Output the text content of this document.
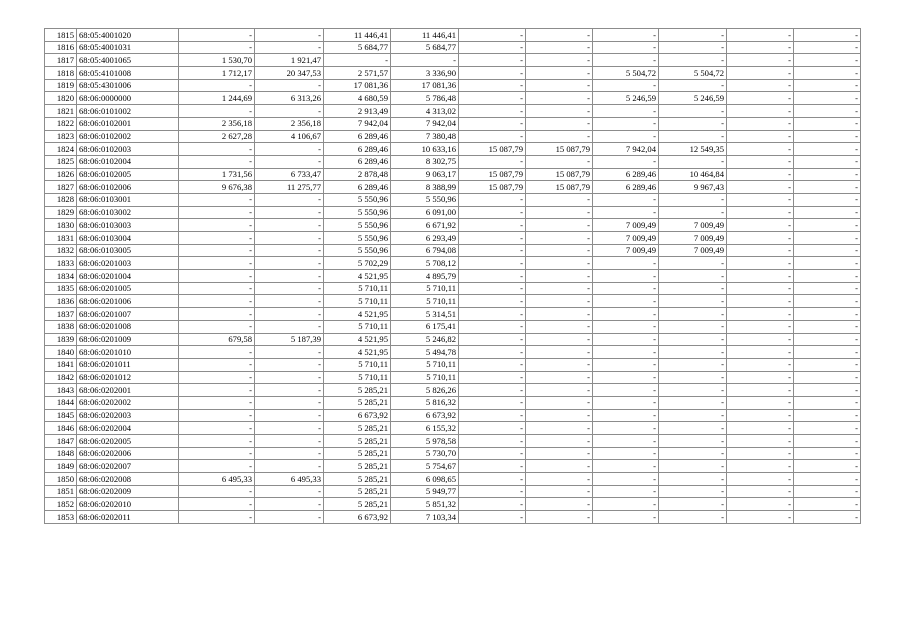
1815	68:05:4001020	-	-	11 446,41	11 446,41	-	-	-	-	-	-
1816	68:05:4001031	-	-	5 684,77	5 684,77	-	-	-	-	-	-
1817	68:05:4001065	1 530,70	1 921,47	-	-	-	-	-	-	-	-
1818	68:05:4101008	1 712,17	20 347,53	2 571,57	3 336,90	-	-	5 504,72	5 504,72	-	-
1819	68:05:4301006	-	-	17 081,36	17 081,36	-	-	-	-	-	-
1820	68:06:0000000	1 244,69	6 313,26	4 680,59	5 786,48	-	-	5 246,59	5 246,59	-	-
1821	68:06:0101002	-	-	2 913,49	4 313,02	-	-	-	-	-	-
1822	68:06:0102001	2 356,18	2 356,18	7 942,04	7 942,04	-	-	-	-	-	-
1823	68:06:0102002	2 627,28	4 106,67	6 289,46	7 380,48	-	-	-	-	-	-
1824	68:06:0102003	-	-	6 289,46	10 633,16	15 087,79	15 087,79	7 942,04	12 549,35	-	-
1825	68:06:0102004	-	-	6 289,46	8 302,75	-	-	-	-	-	-
1826	68:06:0102005	1 731,56	6 733,47	2 878,48	9 063,17	15 087,79	15 087,79	6 289,46	10 464,84	-	-
1827	68:06:0102006	9 676,38	11 275,77	6 289,46	8 388,99	15 087,79	15 087,79	6 289,46	9 967,43	-	-
1828	68:06:0103001	-	-	5 550,96	5 550,96	-	-	-	-	-	-
1829	68:06:0103002	-	-	5 550,96	6 091,00	-	-	-	-	-	-
1830	68:06:0103003	-	-	5 550,96	6 671,92	-	-	7 009,49	7 009,49	-	-
1831	68:06:0103004	-	-	5 550,96	6 293,49	-	-	7 009,49	7 009,49	-	-
1832	68:06:0103005	-	-	5 550,96	6 794,08	-	-	7 009,49	7 009,49	-	-
1833	68:06:0201003	-	-	5 702,29	5 708,12	-	-	-	-	-	-
1834	68:06:0201004	-	-	4 521,95	4 895,79	-	-	-	-	-	-
1835	68:06:0201005	-	-	5 710,11	5 710,11	-	-	-	-	-	-
1836	68:06:0201006	-	-	5 710,11	5 710,11	-	-	-	-	-	-
1837	68:06:0201007	-	-	4 521,95	5 314,51	-	-	-	-	-	-
1838	68:06:0201008	-	-	5 710,11	6 175,41	-	-	-	-	-	-
1839	68:06:0201009	679,58	5 187,39	4 521,95	5 246,82	-	-	-	-	-	-
1840	68:06:0201010	-	-	4 521,95	5 494,78	-	-	-	-	-	-
1841	68:06:0201011	-	-	5 710,11	5 710,11	-	-	-	-	-	-
1842	68:06:0201012	-	-	5 710,11	5 710,11	-	-	-	-	-	-
1843	68:06:0202001	-	-	5 285,21	5 826,26	-	-	-	-	-	-
1844	68:06:0202002	-	-	5 285,21	5 816,32	-	-	-	-	-	-
1845	68:06:0202003	-	-	6 673,92	6 673,92	-	-	-	-	-	-
1846	68:06:0202004	-	-	5 285,21	6 155,32	-	-	-	-	-	-
1847	68:06:0202005	-	-	5 285,21	5 978,58	-	-	-	-	-	-
1848	68:06:0202006	-	-	5 285,21	5 730,70	-	-	-	-	-	-
1849	68:06:0202007	-	-	5 285,21	5 754,67	-	-	-	-	-	-
1850	68:06:0202008	6 495,33	6 495,33	5 285,21	6 098,65	-	-	-	-	-	-
1851	68:06:0202009	-	-	5 285,21	5 949,77	-	-	-	-	-	-
1852	68:06:0202010	-	-	5 285,21	5 851,32	-	-	-	-	-	-
1853	68:06:0202011	-	-	6 673,92	7 103,34	-	-	-	-	-	-
